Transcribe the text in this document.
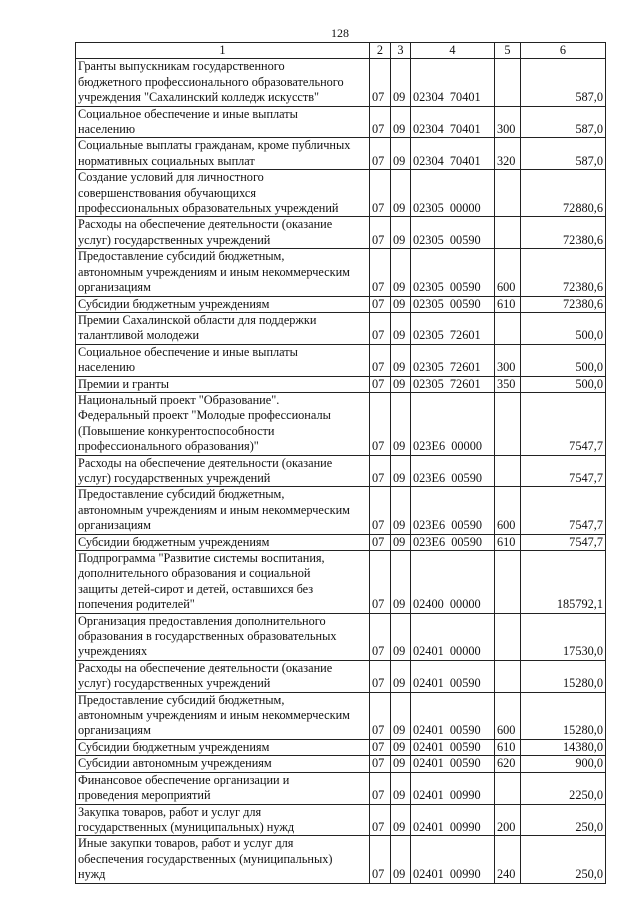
128
1	2	3	4	5	6
Гранты выпускникам государственного
бюджетного профессионального образовательного
учреждения "Сахалинский колледж искусств"	07	09	02304  70401		587,0
Социальное обеспечение и иные выплаты
населению	07	09	02304  70401	300	587,0
Социальные выплаты гражданам, кроме публичных
нормативных социальных выплат	07	09	02304  70401	320	587,0
Создание условий для личностного
совершенствования обучающихся
профессиональных образовательных учреждений	07	09	02305  00000		72880,6
Расходы на обеспечение деятельности (оказание
услуг) государственных учреждений	07	09	02305  00590		72380,6
Предоставление субсидий бюджетным,
автономным учреждениям и иным некоммерческим
организациям	07	09	02305  00590	600	72380,6
Субсидии бюджетным учреждениям	07	09	02305  00590	610	72380,6
Премии Сахалинской области для поддержки
талантливой молодежи	07	09	02305  72601		500,0
Социальное обеспечение и иные выплаты
населению	07	09	02305  72601	300	500,0
Премии и гранты	07	09	02305  72601	350	500,0
Национальный проект "Образование".
Федеральный проект "Молодые профессионалы
(Повышение конкурентоспособности
профессионального образования)"	07	09	023E6  00000		7547,7
Расходы на обеспечение деятельности (оказание
услуг) государственных учреждений	07	09	023E6  00590		7547,7
Предоставление субсидий бюджетным,
автономным учреждениям и иным некоммерческим
организациям	07	09	023E6  00590	600	7547,7
Субсидии бюджетным учреждениям	07	09	023E6  00590	610	7547,7
Подпрограмма "Развитие системы воспитания,
дополнительного образования и социальной
защиты детей-сирот и детей, оставшихся без
попечения родителей"	07	09	02400  00000		185792,1
Организация предоставления дополнительного
образования в государственных образовательных
учреждениях	07	09	02401  00000		17530,0
Расходы на обеспечение деятельности (оказание
услуг) государственных учреждений	07	09	02401  00590		15280,0
Предоставление субсидий бюджетным,
автономным учреждениям и иным некоммерческим
организациям	07	09	02401  00590	600	15280,0
Субсидии бюджетным учреждениям	07	09	02401  00590	610	14380,0
Субсидии автономным учреждениям	07	09	02401  00590	620	900,0
Финансовое обеспечение организации и
проведения мероприятий	07	09	02401  00990		2250,0
Закупка товаров, работ и услуг для
государственных (муниципальных) нужд	07	09	02401  00990	200	250,0
Иные закупки товаров, работ и услуг для
обеспечения государственных (муниципальных)
нужд	07	09	02401  00990	240	250,0
